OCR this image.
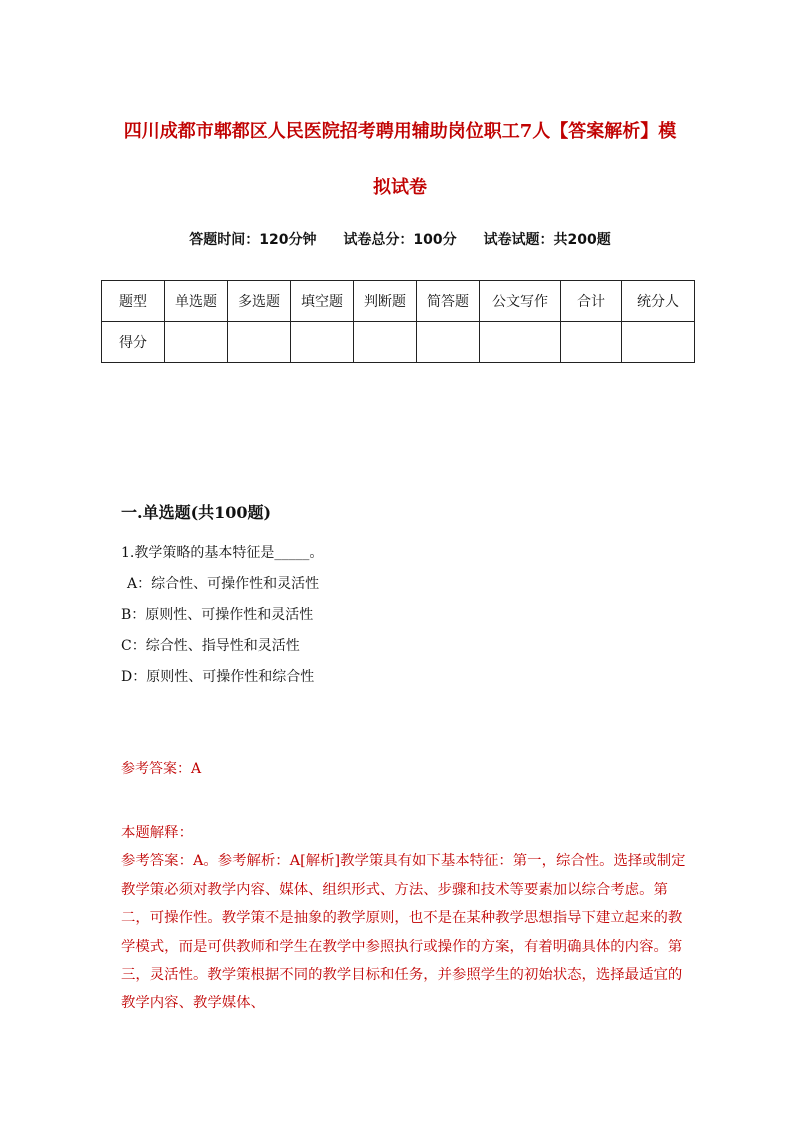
四川成都市郫都区人民医院招考聘用辅助岗位职工7人【答案解析】模拟试卷
答题时间：120分钟 试卷总分：100分 试卷试题：共200题
题型	单选题	多选题	填空题	判断题	简答题	公文写作	合计	统分人
得分								
一.单选题(共100题)

1.教学策略的基本特征是_____。

A：综合性、可操作性和灵活性

B：原则性、可操作性和灵活性

C：综合性、指导性和灵活性

D：原则性、可操作性和综合性

参考答案：A

本题解释：

参考答案：A。参考解析：A[解析]教学策具有如下基本特征：第一，综合性。选择或制定教学策必须对教学内容、媒体、组织形式、方法、步骤和技术等要素加以综合考虑。第二，可操作性。教学策不是抽象的教学原则，也不是在某种教学思想指导下建立起来的教学模式，而是可供教师和学生在教学中参照执行或操作的方案，有着明确具体的内容。第三，灵活性。教学策根据不同的教学目标和任务，并参照学生的初始状态，选择最适宜的教学内容、教学媒体、
